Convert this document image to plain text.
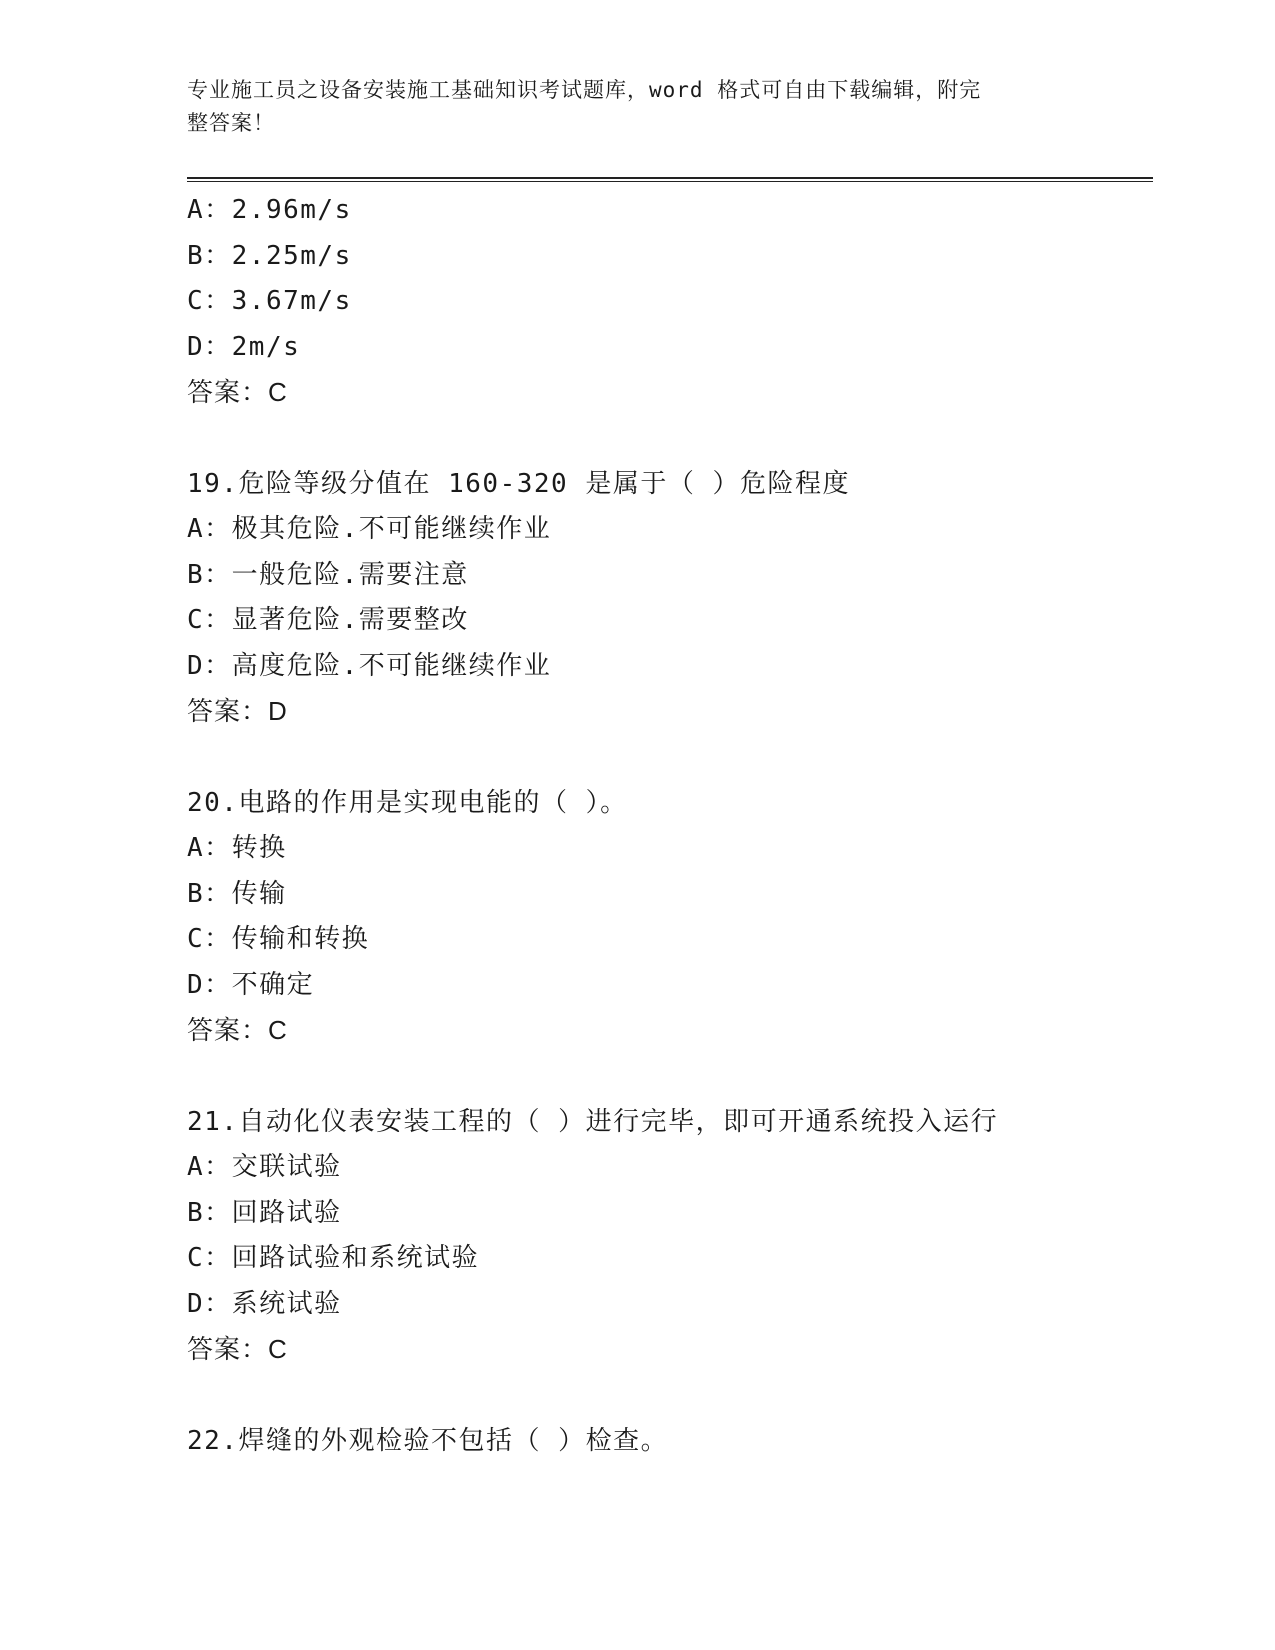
专业施工员之设备安装施工基础知识考试题库，word 格式可自由下载编辑，附完
整答案！
A：2.96m/s
B：2.25m/s
C：3.67m/s
D：2m/s
答案：C
19.危险等级分值在 160-320 是属于（ ）危险程度
A：极其危险.不可能继续作业
B：一般危险.需要注意
C：显著危险.需要整改
D：高度危险.不可能继续作业
答案：D
20.电路的作用是实现电能的（ ）。
A：转换
B：传输
C：传输和转换
D：不确定
答案：C
21.自动化仪表安装工程的（ ）进行完毕，即可开通系统投入运行
A：交联试验
B：回路试验
C：回路试验和系统试验
D：系统试验
答案：C
22.焊缝的外观检验不包括（ ）检查。
